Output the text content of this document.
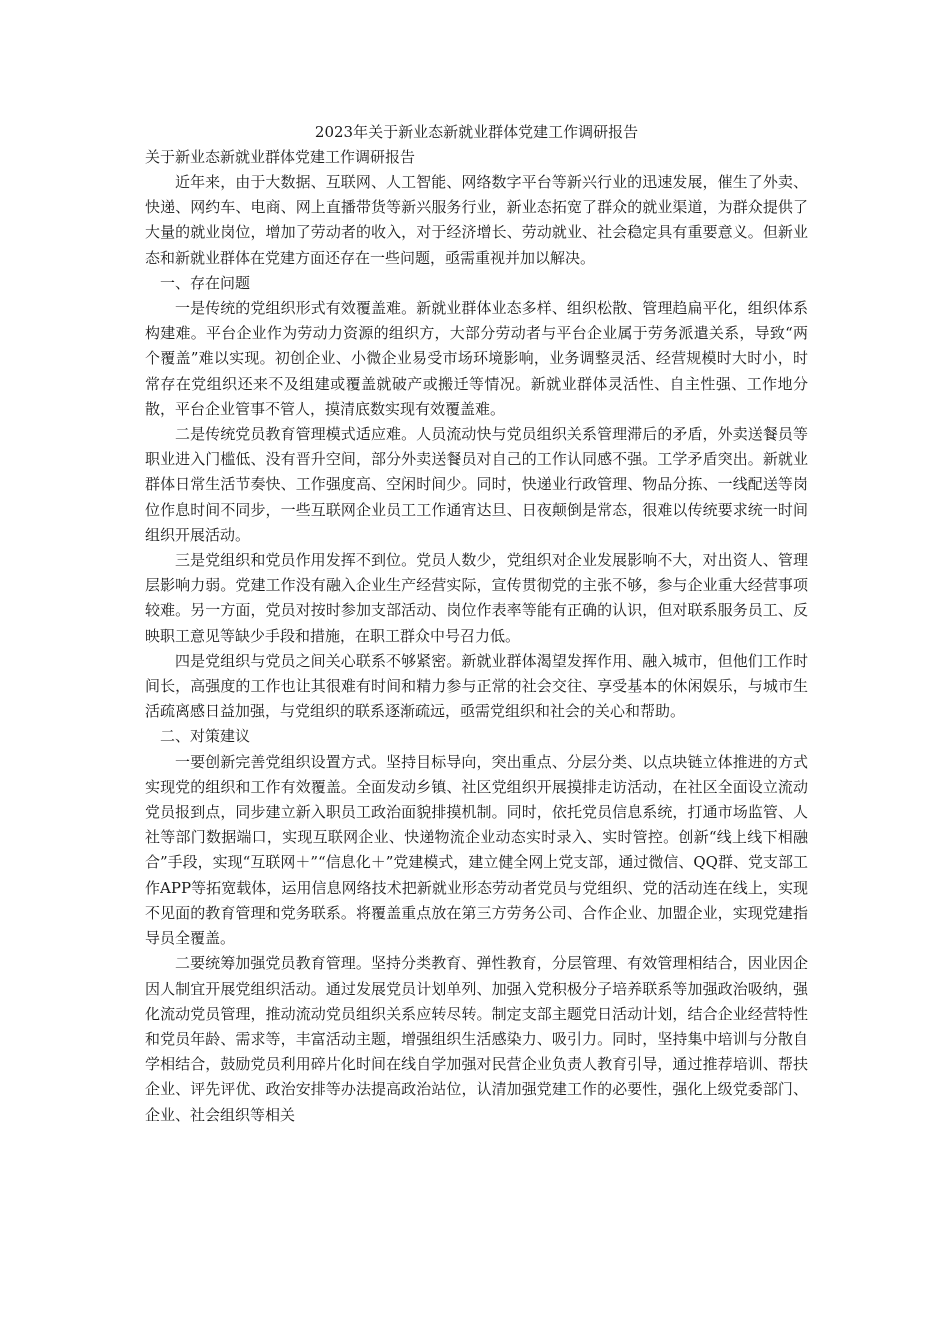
2023年关于新业态新就业群体党建工作调研报告
关于新业态新就业群体党建工作调研报告

近年来，由于大数据、互联网、人工智能、网络数字平台等新兴行业的迅速发展，催生了外卖、快递、网约车、电商、网上直播带货等新兴服务行业，新业态拓宽了群众的就业渠道，为群众提供了大量的就业岗位，增加了劳动者的收入，对于经济增长、劳动就业、社会稳定具有重要意义。但新业态和新就业群体在党建方面还存在一些问题，亟需重视并加以解决。

一、存在问题

一是传统的党组织形式有效覆盖难。新就业群体业态多样、组织松散、管理趋扁平化，组织体系构建难。平台企业作为劳动力资源的组织方，大部分劳动者与平台企业属于劳务派遣关系，导致“两个覆盖”难以实现。初创企业、小微企业易受市场环境影响，业务调整灵活、经营规模时大时小，时常存在党组织还来不及组建或覆盖就破产或搬迁等情况。新就业群体灵活性、自主性强、工作地分散，平台企业管事不管人，摸清底数实现有效覆盖难。

二是传统党员教育管理模式适应难。人员流动快与党员组织关系管理滞后的矛盾，外卖送餐员等职业进入门槛低、没有晋升空间，部分外卖送餐员对自己的工作认同感不强。工学矛盾突出。新就业群体日常生活节奏快、工作强度高、空闲时间少。同时，快递业行政管理、物品分拣、一线配送等岗位作息时间不同步，一些互联网企业员工工作通宵达旦、日夜颠倒是常态，很难以传统要求统一时间组织开展活动。

三是党组织和党员作用发挥不到位。党员人数少，党组织对企业发展影响不大，对出资人、管理层影响力弱。党建工作没有融入企业生产经营实际，宣传贯彻党的主张不够，参与企业重大经营事项较难。另一方面，党员对按时参加支部活动、岗位作表率等能有正确的认识，但对联系服务员工、反映职工意见等缺少手段和措施，在职工群众中号召力低。

四是党组织与党员之间关心联系不够紧密。新就业群体渴望发挥作用、融入城市，但他们工作时间长，高强度的工作也让其很难有时间和精力参与正常的社会交往、享受基本的休闲娱乐，与城市生活疏离感日益加强，与党组织的联系逐渐疏远，亟需党组织和社会的关心和帮助。

二、对策建议

一要创新完善党组织设置方式。坚持目标导向，突出重点、分层分类、以点块链立体推进的方式实现党的组织和工作有效覆盖。全面发动乡镇、社区党组织开展摸排走访活动，在社区全面设立流动党员报到点，同步建立新入职员工政治面貌排摸机制。同时，依托党员信息系统，打通市场监管、人社等部门数据端口，实现互联网企业、快递物流企业动态实时录入、实时管控。创新“线上线下相融合”手段，实现“互联网＋”“信息化＋”党建模式，建立健全网上党支部，通过微信、QQ群、党支部工作APP等拓宽载体，运用信息网络技术把新就业形态劳动者党员与党组织、党的活动连在线上，实现不见面的教育管理和党务联系。将覆盖重点放在第三方劳务公司、合作企业、加盟企业，实现党建指导员全覆盖。

二要统筹加强党员教育管理。坚持分类教育、弹性教育，分层管理、有效管理相结合，因业因企因人制宜开展党组织活动。通过发展党员计划单列、加强入党积极分子培养联系等加强政治吸纳，强化流动党员管理，推动流动党员组织关系应转尽转。制定支部主题党日活动计划，结合企业经营特性和党员年龄、需求等，丰富活动主题，增强组织生活感染力、吸引力。同时，坚持集中培训与分散自学相结合，鼓励党员利用碎片化时间在线自学加强对民营企业负责人教育引导，通过推荐培训、帮扶企业、评先评优、政治安排等办法提高政治站位，认清加强党建工作的必要性，强化上级党委部门、企业、社会组织等相关
